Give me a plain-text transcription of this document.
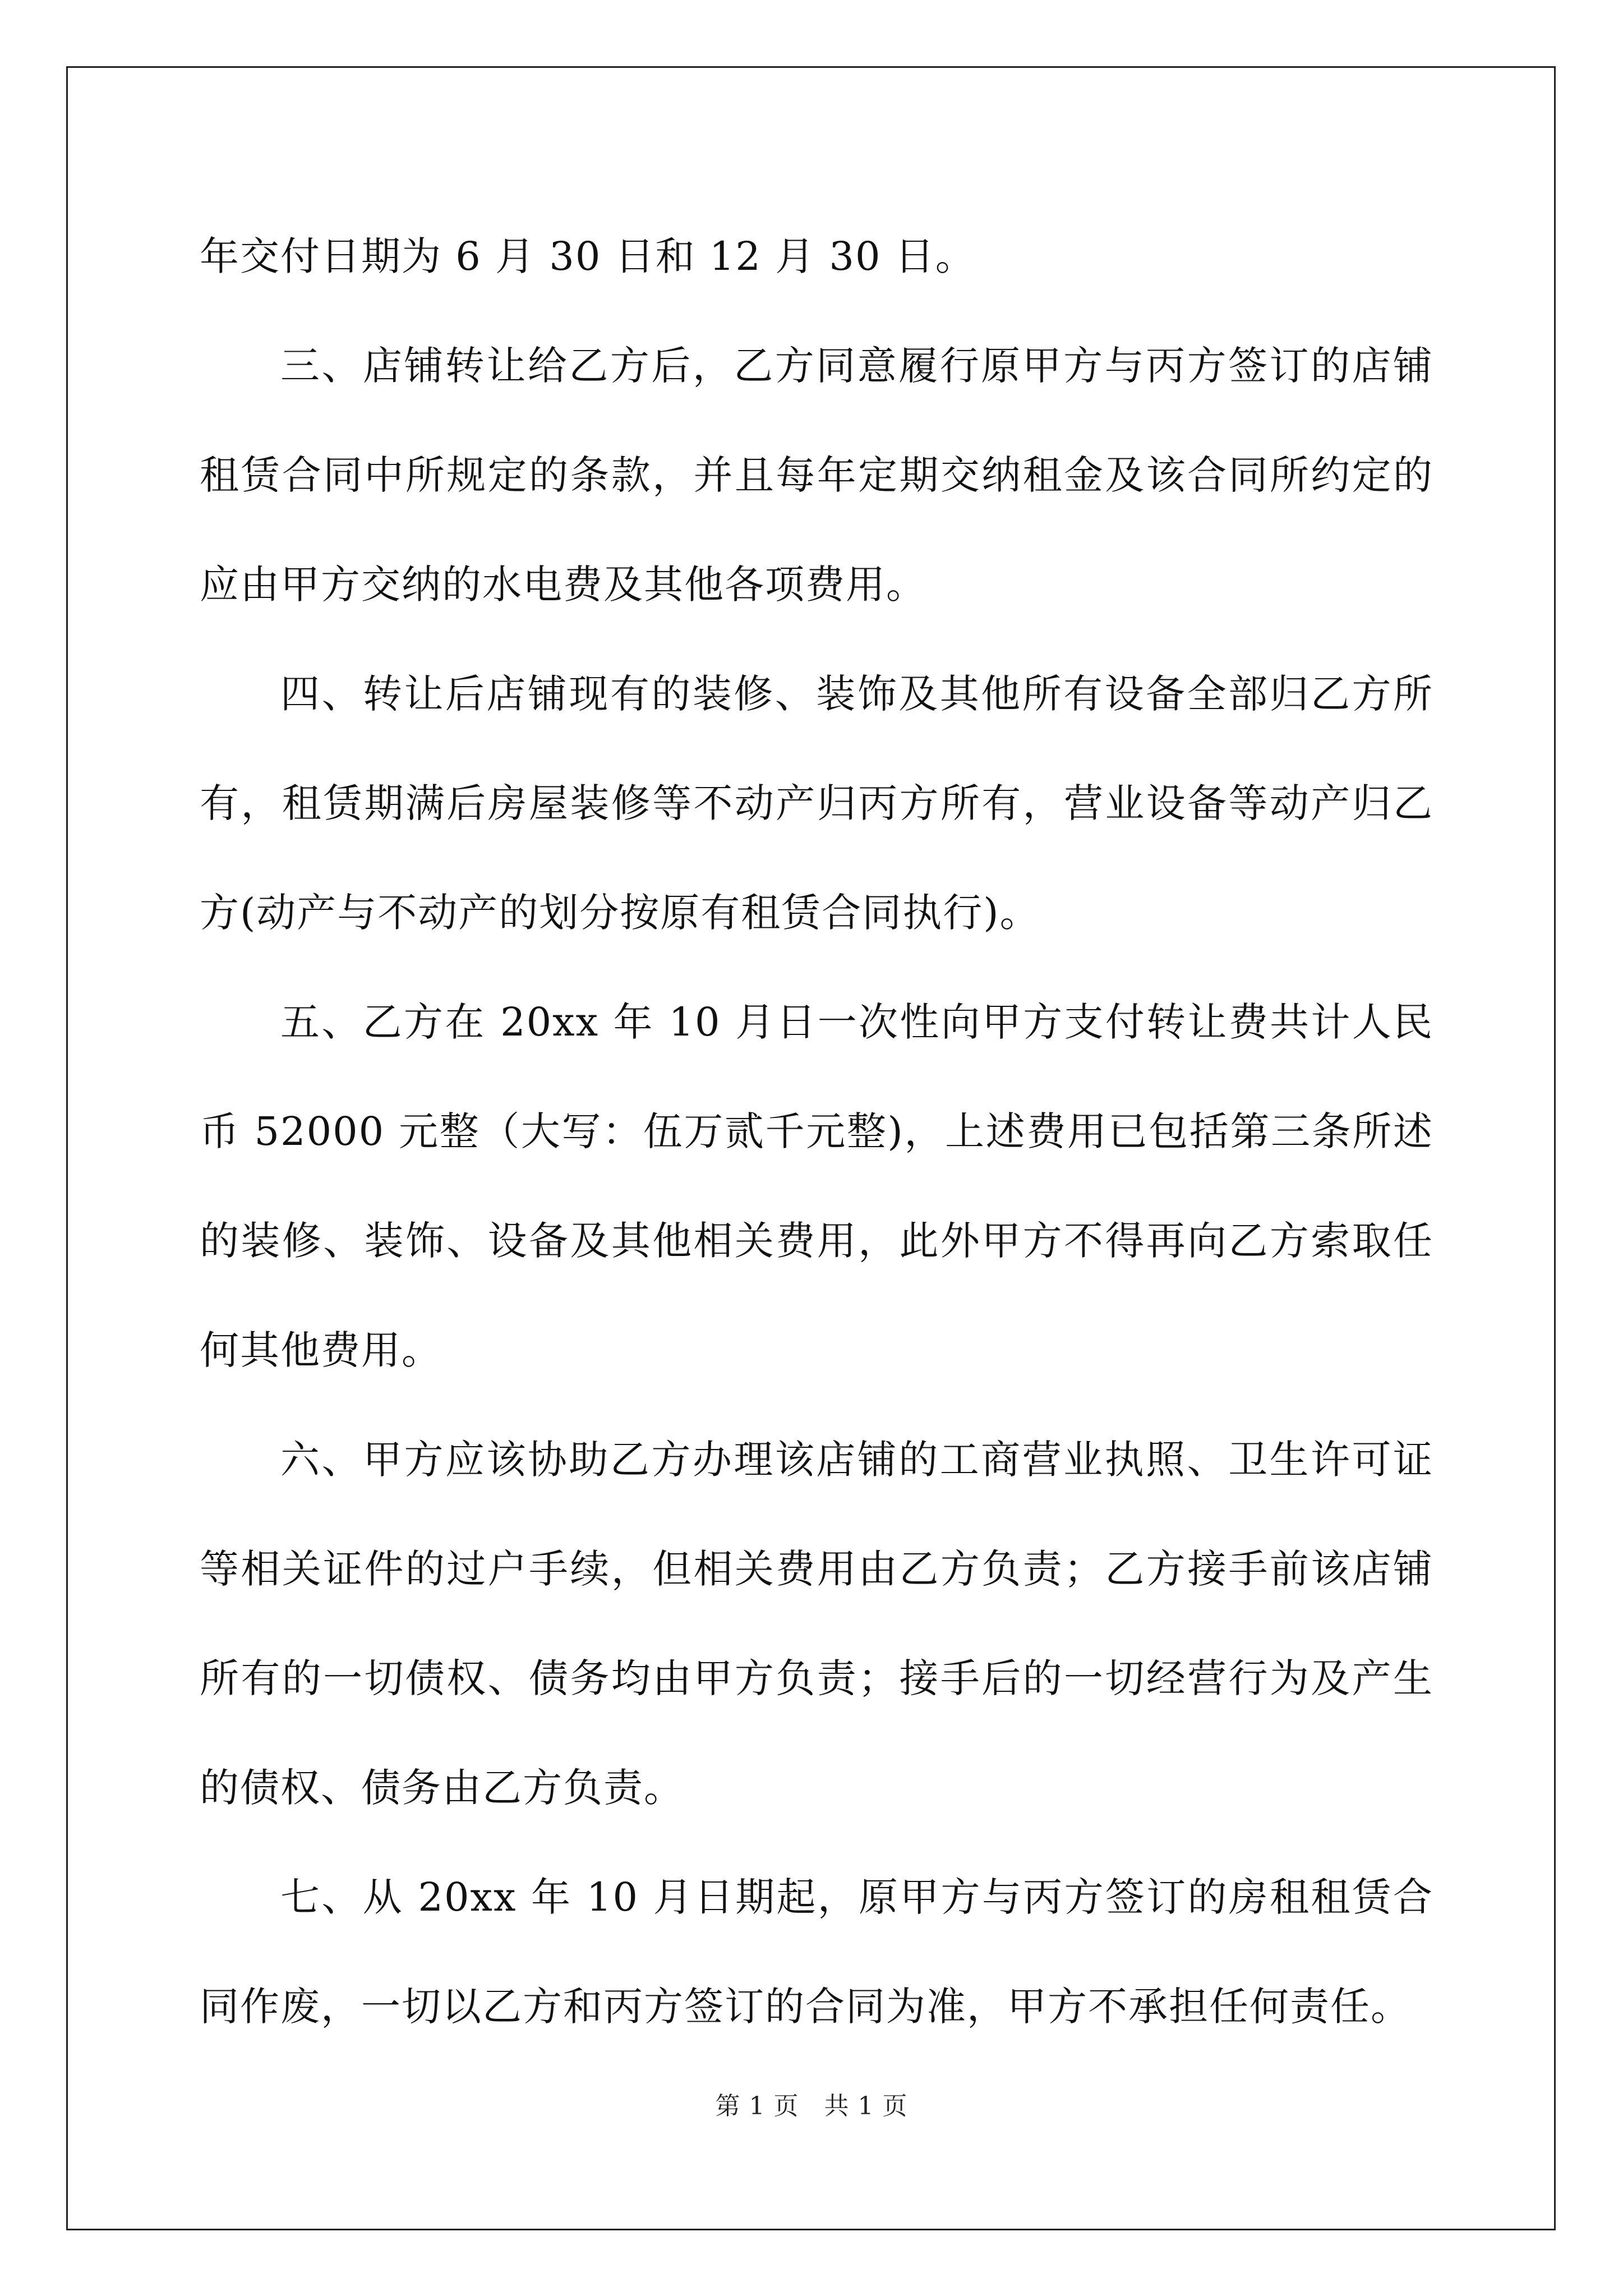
年交付日期为 6 月 30 日和 12 月 30 日。

三、店铺转让给乙方后，乙方同意履行原甲方与丙方签订的店铺租赁合同中所规定的条款，并且每年定期交纳租金及该合同所约定的应由甲方交纳的水电费及其他各项费用。

四、转让后店铺现有的装修、装饰及其他所有设备全部归乙方所有，租赁期满后房屋装修等不动产归丙方所有，营业设备等动产归乙方(动产与不动产的划分按原有租赁合同执行)。

五、乙方在 20xx 年 10 月日一次性向甲方支付转让费共计人民币 52000 元整（大写：伍万贰千元整)，上述费用已包括第三条所述的装修、装饰、设备及其他相关费用，此外甲方不得再向乙方索取任何其他费用。

六、甲方应该协助乙方办理该店铺的工商营业执照、卫生许可证等相关证件的过户手续，但相关费用由乙方负责；乙方接手前该店铺所有的一切债权、债务均由甲方负责；接手后的一切经营行为及产生的债权、债务由乙方负责。

七、从 20xx 年 10 月日期起，原甲方与丙方签订的房租租赁合同作废，一切以乙方和丙方签订的合同为准，甲方不承担任何责任。

第 1 页　共 1 页
